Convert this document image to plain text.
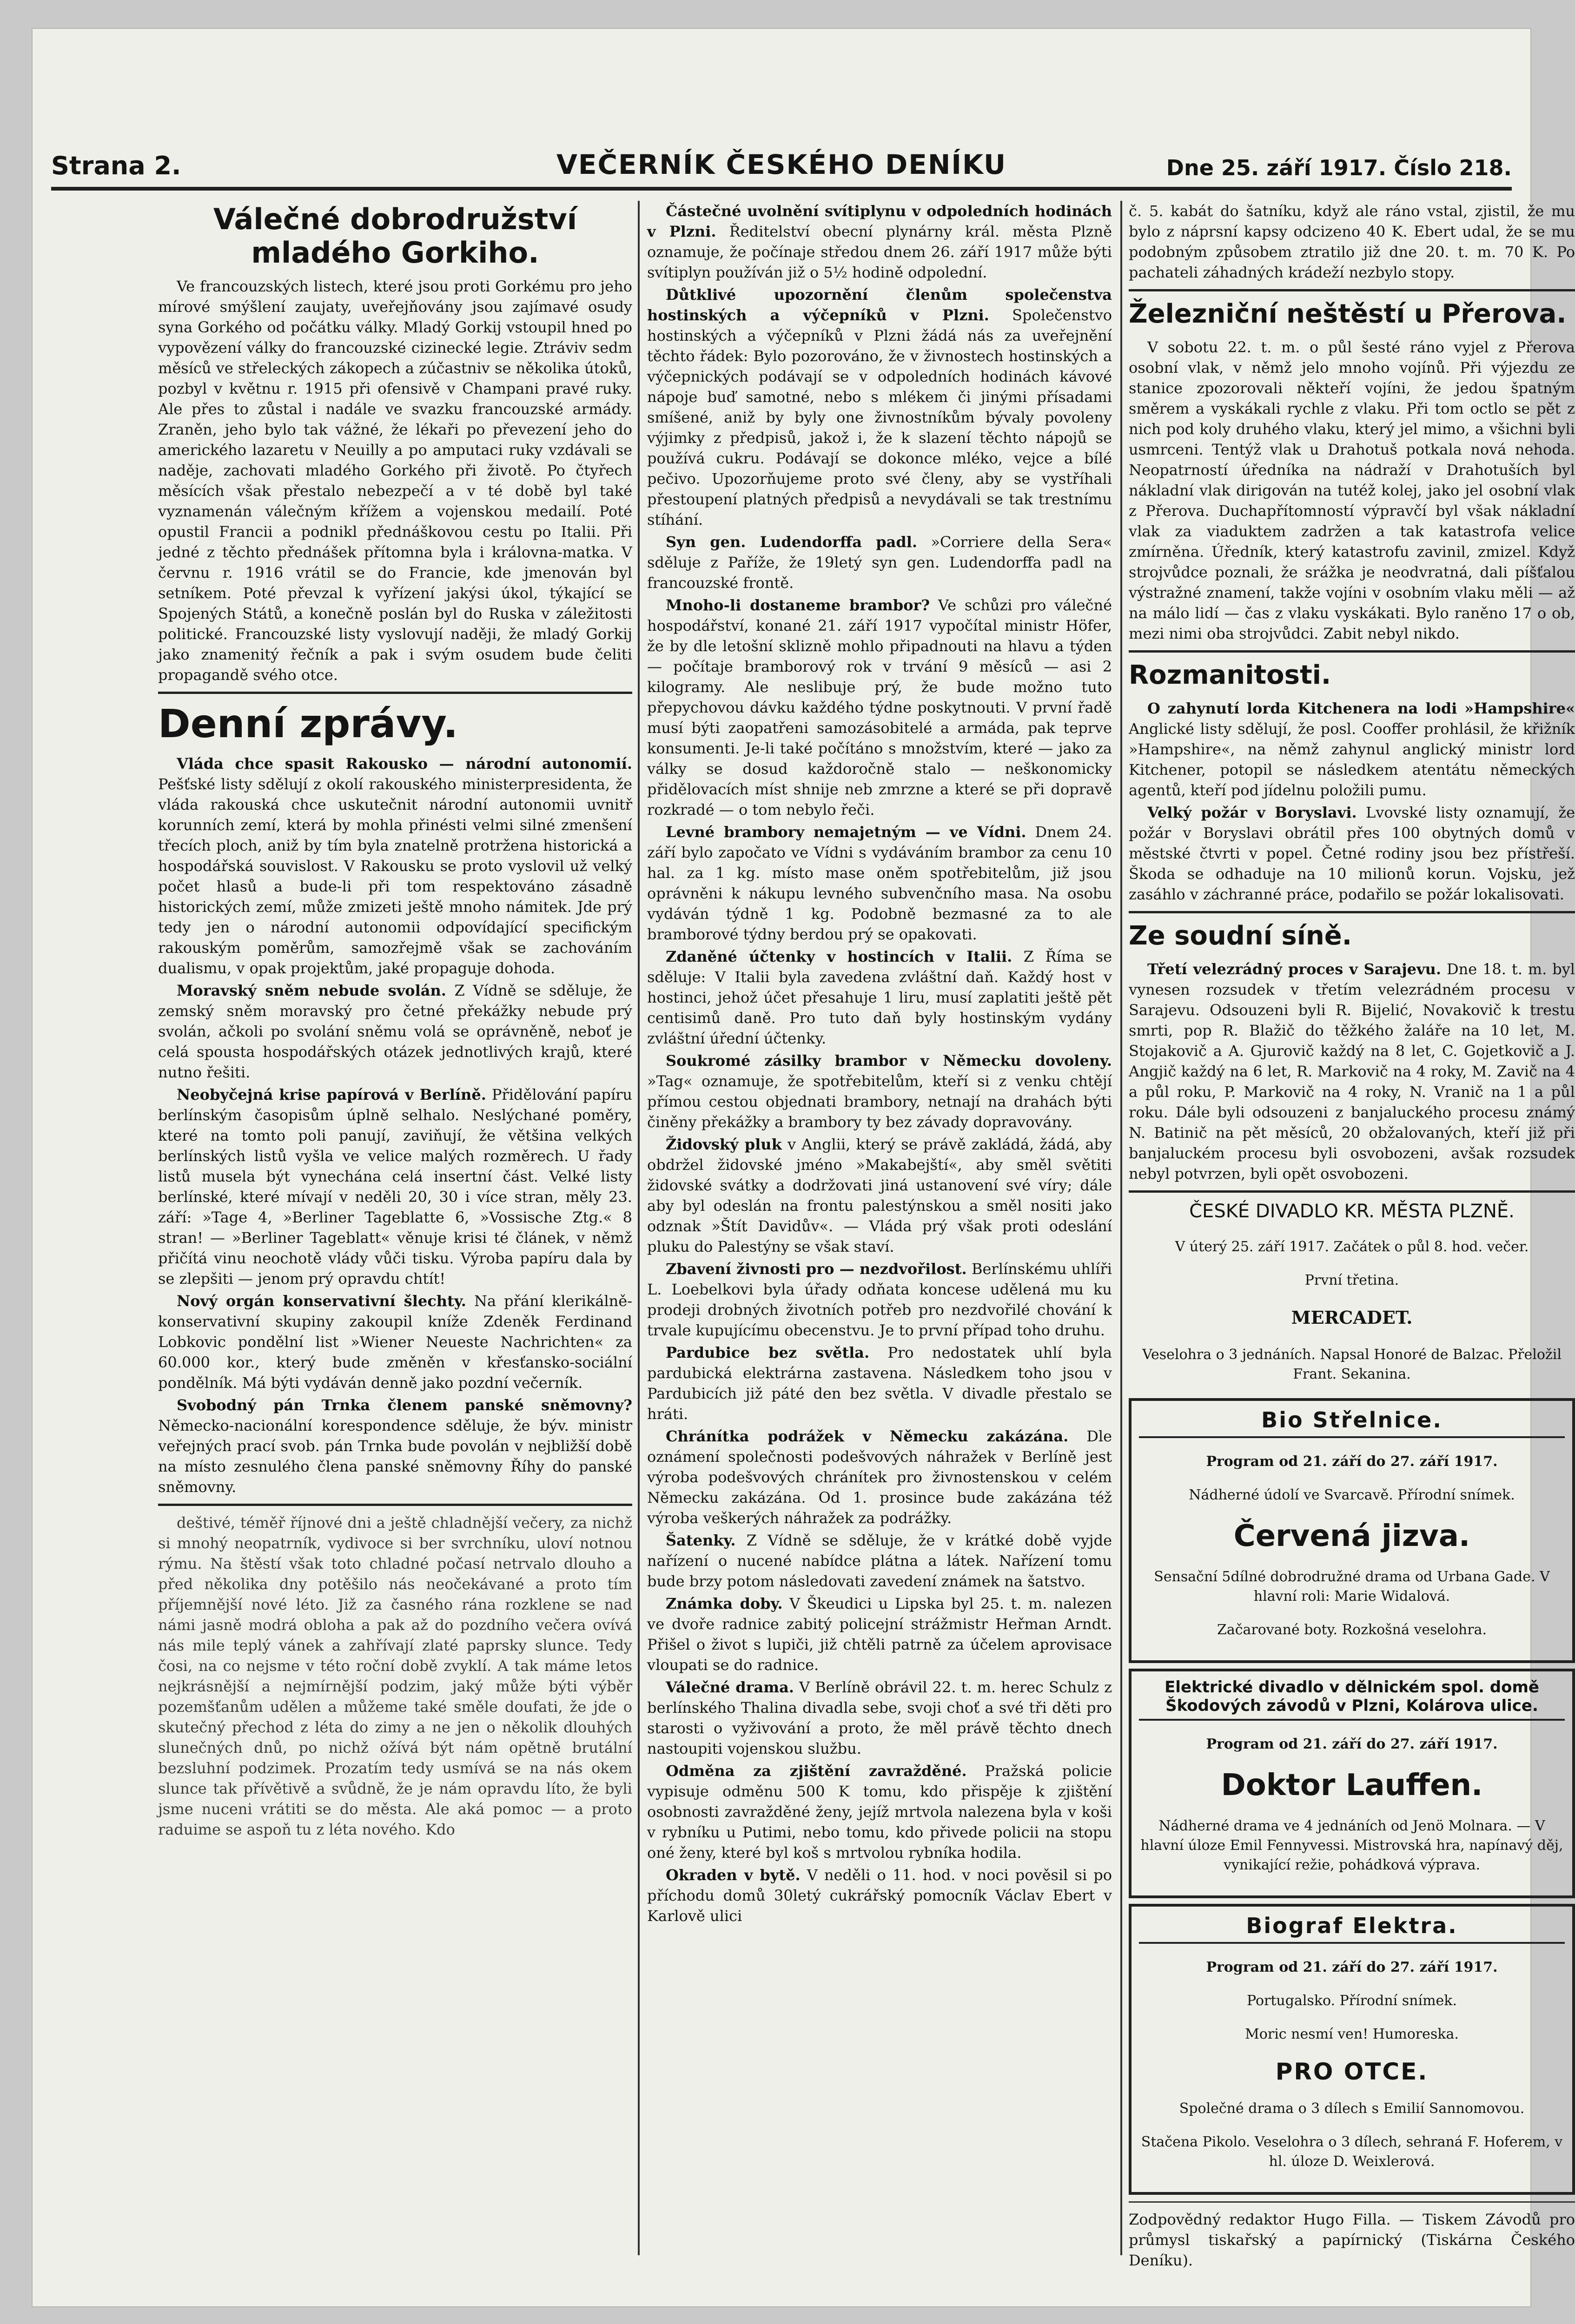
Strana 2.	VEČERNÍK ČESKÉHO DENÍKU	Dne 25. září 1917. Číslo 218.
Válečné dobrodružství mladého Gorkiho.

Ve francouzských listech, které jsou proti Gorkému pro jeho mírové smýšlení zaujaty, uveřejňovány jsou zajímavé osudy syna Gorkého od počátku války. Mladý Gorkij vstoupil hned po vypovězení války do francouzské cizinecké legie. Ztráviv sedm měsíců ve střeleckých zákopech a zúčastniv se několika útoků, pozbyl v květnu r. 1915 při ofensivě v Champani pravé ruky. Ale přes to zůstal i nadále ve svazku francouzské armády. Zraněn, jeho bylo tak vážné, že lékaři po převezení jeho do amerického lazaretu v Neuilly a po amputaci ruky vzdávali se naděje, zachovati mladého Gorkého při životě. Po čtyřech měsících však přestalo nebezpečí a v té době byl také vyznamenán válečným křížem a vojenskou medailí. Poté opustil Francii a podnikl přednáškovou cestu po Italii. Při jedné z těchto přednášek přítomna byla i královna-matka. V červnu r. 1916 vrátil se do Francie, kde jmenován byl setníkem. Poté převzal k vyřízení jakýsi úkol, týkající se Spojených Států, a konečně poslán byl do Ruska v záležitosti politické. Francouzské listy vyslovují naději, že mladý Gorkij jako znamenitý řečník a pak i svým osudem bude čeliti propagandě svého otce.

Denní zprávy.

Vláda chce spasit Rakousko — národní autonomií. Pešťské listy sdělují z okolí rakouského ministerpresidenta, že vláda rakouská chce uskutečnit národní autonomii uvnitř korunních zemí, která by mohla přinésti velmi silné zmenšení třecích ploch, aniž by tím byla znatelně protržena historická a hospodářská souvislost. V Rakousku se proto vyslovil už velký počet hlasů a bude-li při tom respektováno zásadně historických zemí, může zmizeti ještě mnoho námitek. Jde prý tedy jen o národní autonomii odpovídající specifickým rakouským poměrům, samozřejmě však se zachováním dualismu, v opak projektům, jaké propaguje dohoda.

Moravský sněm nebude svolán. Z Vídně se sděluje, že zemský sněm moravský pro četné překážky nebude prý svolán, ačkoli po svolání sněmu volá se oprávněně, neboť je celá spousta hospodářských otázek jednotlivých krajů, které nutno řešiti.

Neobyčejná krise papírová v Berlíně. Přidělování papíru berlínským časopisům úplně selhalo. Neslýchané poměry, které na tomto poli panují, zaviňují, že většina velkých berlínských listů vyšla ve velice malých rozměrech. U řady listů musela být vynechána celá insertní část. Velké listy berlínské, které mívají v neděli 20, 30 i více stran, měly 23. září: »Tage 4, »Berliner Tageblatte 6, »Vossische Ztg.« 8 stran! — »Berliner Tageblatt« věnuje krisi té článek, v němž přičítá vinu neochotě vlády vůči tisku. Výroba papíru dala by se zlepšiti — jenom prý opravdu chtít!

Nový orgán konservativní šlechty. Na přání klerikálně-konservativní skupiny zakoupil kníže Zdeněk Ferdinand Lobkovic pondělní list »Wiener Neueste Nachrichten« za 60.000 kor., který bude změněn v křesťansko-sociální pondělník. Má býti vydáván denně jako pozdní večerník.

Svobodný pán Trnka členem panské sněmovny? Německo-nacionální korespondence sděluje, že býv. ministr veřejných prací svob. pán Trnka bude povolán v nejbližší době na místo zesnulého člena panské sněmovny Říhy do panské sněmovny.

deštivé, téměř říjnové dni a ještě chladnější večery, za nichž si mnohý neopatrník, vydivoce si ber svrchníku, uloví notnou rýmu. Na štěstí však toto chladné počasí netrvalo dlouho a před několika dny potěšilo nás neočekávané a proto tím příjemnější nové léto. Již za časného rána rozklene se nad námi jasně modrá obloha a pak až do pozdního večera ovívá nás mile teplý vánek a zahřívají zlaté paprsky slunce. Tedy čosi, na co nejsme v této roční době zvyklí. A tak máme letos nejkrásnější a nejmírnější podzim, jaký může býti výběr pozemšťanům udělen a můžeme také směle doufati, že jde o skutečný přechod z léta do zimy a ne jen o několik dlouhých slunečných dnů, po nichž ožívá být nám opětně brutální bezsluhní podzimek. Prozatím tedy usmívá se na nás okem slunce tak přívětivě a svůdně, že je nám opravdu líto, že byli jsme nuceni vrátiti se do města. Ale aká pomoc — a proto raduime se aspoň tu z léta nového. Kdo

Částečné uvolnění svítiplynu v odpoledních hodinách v Plzni. Ředitelství obecní plynárny král. města Plzně oznamuje, že počínaje středou dnem 26. září 1917 může býti svítiplyn používán již o 5½ hodině odpolední.

Důtklivé upozornění členům společenstva hostinských a výčepníků v Plzni. Společenstvo hostinských a výčepníků v Plzni žádá nás za uveřejnění těchto řádek: Bylo pozorováno, že v živnostech hostinských a výčepnických podávají se v odpoledních hodinách kávové nápoje buď samotné, nebo s mlékem či jinými přísadami smíšené, aniž by byly one živnostníkům bývaly povoleny výjimky z předpisů, jakož i, že k slazení těchto nápojů se používá cukru. Podávají se dokonce mléko, vejce a bílé pečivo. Upozorňujeme proto své členy, aby se vystříhali přestoupení platných předpisů a nevydávali se tak trestnímu stíhání.

Syn gen. Ludendorffa padl. »Corriere della Sera« sděluje z Paříže, že 19letý syn gen. Ludendorffa padl na francouzské frontě.

Mnoho-li dostaneme brambor? Ve schůzi pro válečné hospodářství, konané 21. září 1917 vypočítal ministr Höfer, že by dle letošní sklizně mohlo připadnouti na hlavu a týden — počítaje bramborový rok v trvání 9 měsíců — asi 2 kilogramy. Ale neslibuje prý, že bude možno tuto přepychovou dávku každého týdne poskytnouti. V první řadě musí býti zaopatřeni samozásobitelé a armáda, pak teprve konsumenti. Je-li také počítáno s množstvím, které — jako za války se dosud každoročně stalo — neškonomicky přidělovacích míst shnije neb zmrzne a které se při dopravě rozkradé — o tom nebylo řeči.

Levné brambory nemajetným — ve Vídni. Dnem 24. září bylo započato ve Vídni s vydáváním brambor za cenu 10 hal. za 1 kg. místo mase oněm spotřebitelům, již jsou oprávněni k nákupu levného subvenčního masa. Na osobu vydáván týdně 1 kg. Podobně bezmasné za to ale bramborové týdny berdou prý se opakovati.

Zdaněné účtenky v hostincích v Italii. Z Říma se sděluje: V Italii byla zavedena zvláštní daň. Každý host v hostinci, jehož účet přesahuje 1 liru, musí zaplatiti ještě pět centisimů daně. Pro tuto daň byly hostinským vydány zvláštní úřední účtenky.

Soukromé zásilky brambor v Německu dovoleny. »Tag« oznamuje, že spotřebitelům, kteří si z venku chtějí přímou cestou objednati brambory, netnají na drahách býti činěny překážky a brambory ty bez závady dopravovány.

Židovský pluk v Anglii, který se právě zakládá, žádá, aby obdržel židovské jméno »Makabejští«, aby směl světiti židovské svátky a dodržovati jiná ustanovení své víry; dále aby byl odeslán na frontu palestýnskou a směl nositi jako odznak »Štít Davidův«. — Vláda prý však proti odeslání pluku do Palestýny se však staví.

Zbavení živnosti pro — nezdvořilost. Berlínskému uhlíři L. Loebelkovi byla úřady odňata koncese udělená mu ku prodeji drobných životních potřeb pro nezdvořilé chování k trvale kupujícímu obecenstvu. Je to první případ toho druhu.

Pardubice bez světla. Pro nedostatek uhlí byla pardubická elektrárna zastavena. Následkem toho jsou v Pardubicích již páté den bez světla. V divadle přestalo se hráti.

Chránítka podrážek v Německu zakázána. Dle oznámení společnosti podešvových náhražek v Berlíně jest výroba podešvových chránítek pro živnostenskou v celém Německu zakázána. Od 1. prosince bude zakázána též výroba veškerých náhražek za podrážky.

Šatenky. Z Vídně se sděluje, že v krátké době vyjde nařízení o nucené nabídce plátna a látek. Nařízení tomu bude brzy potom následovati zavedení známek na šatstvo.

Známka doby. V Škeudici u Lipska byl 25. t. m. nalezen ve dvoře radnice zabitý policejní strážmistr Heřman Arndt. Přišel o život s lupiči, již chtěli patrně za účelem aprovisace vloupati se do radnice.

Válečné drama. V Berlíně obrávil 22. t. m. herec Schulz z berlínského Thalina divadla sebe, svoji choť a své tři děti pro starosti o vyživování a proto, že měl právě těchto dnech nastoupiti vojenskou službu.

Odměna za zjištění zavražděné. Pražská policie vypisuje odměnu 500 K tomu, kdo přispěje k zjištění osobnosti zavražděné ženy, jejíž mrtvola nalezena byla v koši v rybníku u Putimi, nebo tomu, kdo přivede policii na stopu oné ženy, které byl koš s mrtvolou rybníka hodila.

Okraden v bytě. V neděli o 11. hod. v noci pověsil si po příchodu domů 30letý cukrářský pomocník Václav Ebert v Karlově ulici

č. 5. kabát do šatníku, když ale ráno vstal, zjistil, že mu bylo z náprsní kapsy odcizeno 40 K. Ebert udal, že se mu podobným způsobem ztratilo již dne 20. t. m. 70 K. Po pachateli záhadných krádeží nezbylo stopy.

Železniční neštěstí u Přerova.

V sobotu 22. t. m. o půl šesté ráno vyjel z Přerova osobní vlak, v němž jelo mnoho vojínů. Při výjezdu ze stanice zpozorovali někteří vojíni, že jedou špatným směrem a vyskákali rychle z vlaku. Při tom octlo se pět z nich pod koly druhého vlaku, který jel mimo, a všichni byli usmrceni. Tentýž vlak u Drahotuš potkala nová nehoda. Neopatrností úředníka na nádraží v Drahotuších byl nákladní vlak dirigován na tutéž kolej, jako jel osobní vlak z Přerova. Duchapřítomností výpravčí byl však nákladní vlak za viaduktem zadržen a tak katastrofa velice zmírněna. Úředník, který katastrofu zavinil, zmizel. Když strojvůdce poznali, že srážka je neodvratná, dali píšťalou výstražné znamení, takže vojíni v osobním vlaku měli — až na málo lidí — čas z vlaku vyskákati. Bylo raněno 17 o ob, mezi nimi oba strojvůdci. Zabit nebyl nikdo.

Rozmanitosti.

O zahynutí lorda Kitchenera na lodi »Hampshire« Anglické listy sdělují, že posl. Cooffer prohlásil, že křižník »Hampshire«, na němž zahynul anglický ministr lord Kitchener, potopil se následkem atentátu německých agentů, kteří pod jídelnu položili pumu.

Velký požár v Boryslavi. Lvovské listy oznamují, že požár v Boryslavi obrátil přes 100 obytných domů v městské čtvrti v popel. Četné rodiny jsou bez přístřeší. Škoda se odhaduje na 10 milionů korun. Vojsku, jež zasáhlo v záchranné práce, podařilo se požár lokalisovati.

Ze soudní síně.

Třetí velezrádný proces v Sarajevu. Dne 18. t. m. byl vynesen rozsudek v třetím velezrádném procesu v Sarajevu. Odsouzeni byli R. Bijelić, Novakovič k trestu smrti, pop R. Blažič do těžkého žaláře na 10 let, M. Stojakovič a A. Gjurovič každý na 8 let, C. Gojetkovič a J. Angjič každý na 6 let, R. Markovič na 4 roky, M. Zavič na 4 a půl roku, P. Markovič na 4 roky, N. Vranič na 1 a půl roku. Dále byli odsouzeni z banjaluckého procesu známý N. Batinič na pět měsíců, 20 obžalovaných, kteří již při banjaluckém procesu byli osvobozeni, avšak rozsudek nebyl potvrzen, byli opět osvobozeni.

ČESKÉ DIVADLO KR. MĚSTA PLZNĚ.

V úterý 25. září 1917. Začátek o půl 8. hod. večer.

První třetina.

MERCADET.

Veselohra o 3 jednáních. Napsal Honoré de Balzac. Přeložil Frant. Sekanina.

Bio Střelnice.

Program od 21. září do 27. září 1917.

Nádherné údolí ve Svarcavě. Přírodní snímek.

Červená jizva.

Sensační 5dílné dobrodružné drama od Urbana Gade. V hlavní roli: Marie Widalová.

Začarované boty. Rozkošná veselohra.

Elektrické divadlo v dělnickém spol. domě Škodových závodů v Plzni, Kolárova ulice.

Program od 21. září do 27. září 1917.

Doktor Lauffen.

Nádherné drama ve 4 jednáních od Jenö Molnara. — V hlavní úloze Emil Fennyvessi. Mistrovská hra, napínavý děj, vynikající režie, pohádková výprava.

Biograf Elektra.

Program od 21. září do 27. září 1917.

Portugalsko. Přírodní snímek.

Moric nesmí ven! Humoreska.

PRO OTCE.

Společné drama o 3 dílech s Emilií Sannomovou.

Stačena Pikolo. Veselohra o 3 dílech, sehraná F. Hoferem, v hl. úloze D. Weixlerová.

Zodpovědný redaktor Hugo Filla. — Tiskem Závodů pro průmysl tiskařský a papírnický (Tiskárna Českého Deníku).
